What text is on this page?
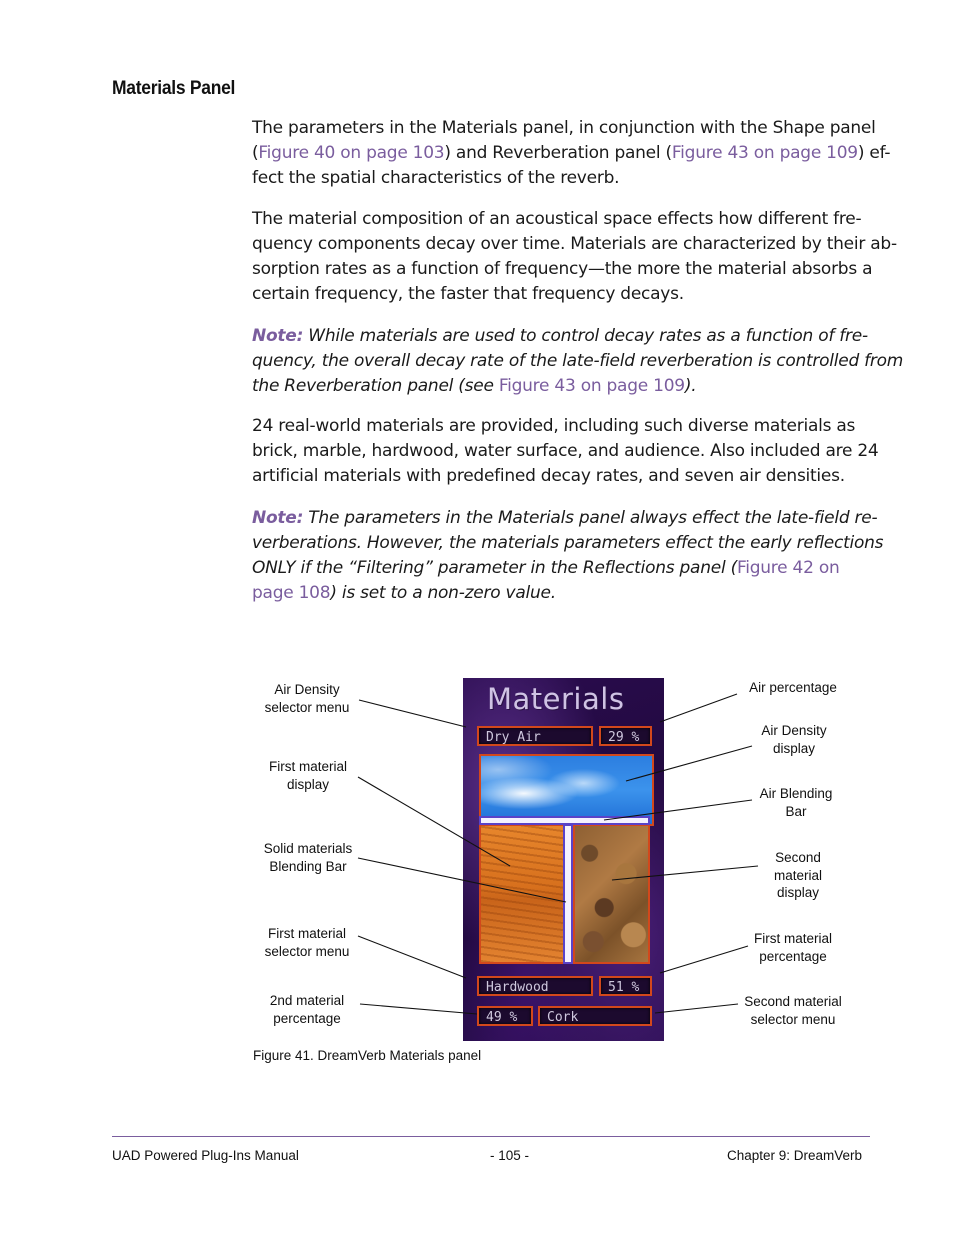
Materials Panel
The parameters in the Materials panel, in conjunction with the Shape panel
(Figure 40 on page 103) and Reverberation panel (Figure 43 on page 109) ef-
fect the spatial characteristics of the reverb.
The material composition of an acoustical space effects how different fre-
quency components decay over time. Materials are characterized by their ab-
sorption rates as a function of frequency—the more the material absorbs a
certain frequency, the faster that frequency decays.
Note: While materials are used to control decay rates as a function of fre-
quency, the overall decay rate of the late-field reverberation is controlled from
the Reverberation panel (see Figure 43 on page 109).
24 real-world materials are provided, including such diverse materials as
brick, marble, hardwood, water surface, and audience. Also included are 24
artificial materials with predefined decay rates, and seven air densities.
Note: The parameters in the Materials panel always effect the late-field re-
verberations. However, the materials parameters effect the early reflections
ONLY if the “Filtering” parameter in the Reflections panel (Figure 42 on
page 108) is set to a non-zero value.
Materials
Dry Air	29 %
Hardwood	51 %
49 %	Cork
Air Density
selector menu
First material
display
Solid materials
Blending Bar
First material
selector menu
2nd material
percentage
Air percentage
Air Density
display
Air Blending
Bar
Second
material
display
First material
percentage
Second material
selector menu
Figure 41. DreamVerb Materials panel
UAD Powered Plug-Ins Manual	- 105 -	Chapter 9: DreamVerb
